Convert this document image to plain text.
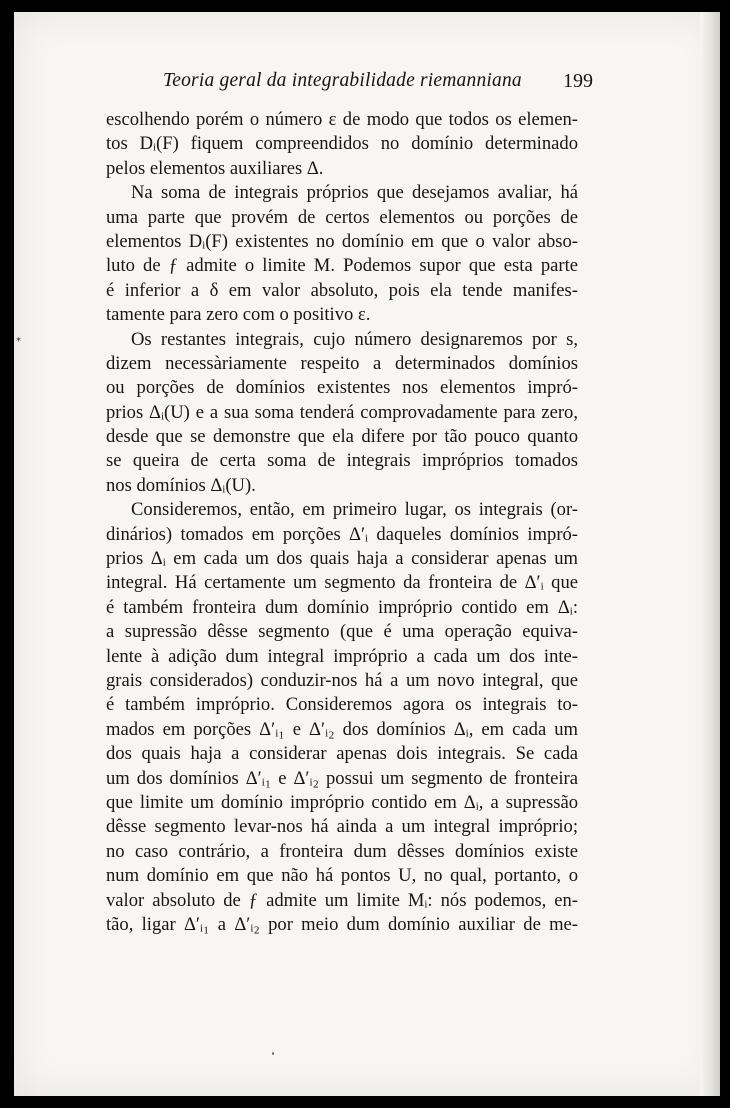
Teoria geral da integrabilidade riemanniana 199
*
escolhendo porém o número ε de modo que todos os elemen-
tos Dᵢ(F) fiquem compreendidos no domínio determinado
pelos elementos auxiliares Δ.
Na soma de integrais próprios que desejamos avaliar, há
uma parte que provém de certos elementos ou porções de
elementos Dᵢ(F) existentes no domínio em que o valor abso-
luto de ƒ admite o limite M. Podemos supor que esta parte
é inferior a δ em valor absoluto, pois ela tende manifes-
tamente para zero com o positivo ε.
Os restantes integrais, cujo número designaremos por s,
dizem necessàriamente respeito a determinados domínios
ou porções de domínios existentes nos elementos impró-
prios Δᵢ(U) e a sua soma tenderá comprovadamente para zero,
desde que se demonstre que ela difere por tão pouco quanto
se queira de certa soma de integrais impróprios tomados
nos domínios Δᵢ(U).
Consideremos, então, em primeiro lugar, os integrais (or-
dinários) tomados em porções Δ′ᵢ daqueles domínios impró-
prios Δᵢ em cada um dos quais haja a considerar apenas um
integral. Há certamente um segmento da fronteira de Δ′ᵢ que
é também fronteira dum domínio impróprio contido em Δᵢ:
a supressão dêsse segmento (que é uma operação equiva-
lente à adição dum integral impróprio a cada um dos inte-
grais considerados) conduzir-nos há a um novo integral, que
é também impróprio. Consideremos agora os integrais to-
mados em porções Δ′ᵢ₁ e Δ′ᵢ₂ dos domínios Δᵢ, em cada um
dos quais haja a considerar apenas dois integrais. Se cada
um dos domínios Δ′ᵢ₁ e Δ′ᵢ₂ possui um segmento de fronteira
que limite um domínio impróprio contido em Δᵢ, a supressão
dêsse segmento levar-nos há ainda a um integral impróprio;
no caso contrário, a fronteira dum dêsses domínios existe
num domínio em que não há pontos U, no qual, portanto, o
valor absoluto de ƒ admite um limite Mᵢ: nós podemos, en-
tão, ligar Δ′ᵢ₁ a Δ′ᵢ₂ por meio dum domínio auxiliar de me-
